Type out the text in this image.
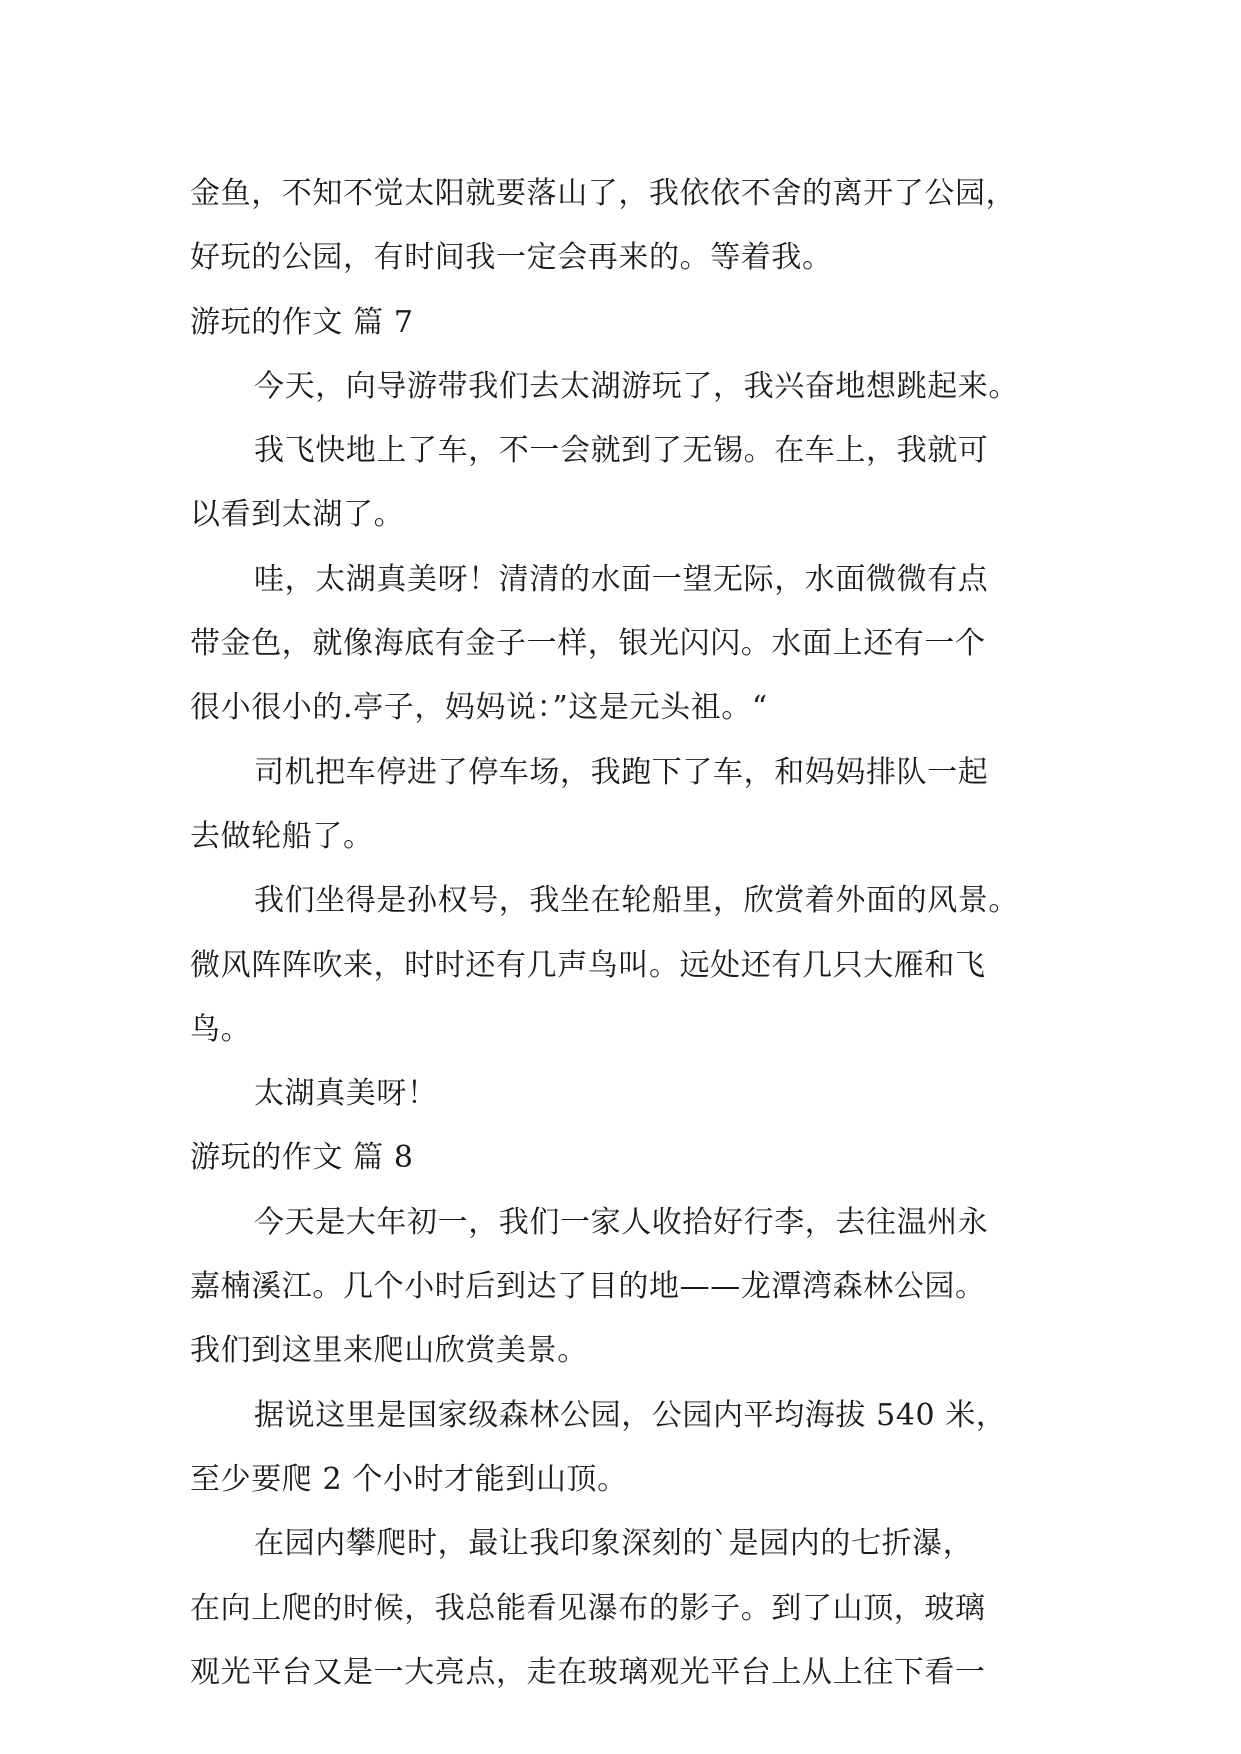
金鱼，不知不觉太阳就要落山了，我依依不舍的离开了公园，
好玩的公园，有时间我一定会再来的。等着我。
游玩的作文 篇 7
今天，向导游带我们去太湖游玩了，我兴奋地想跳起来。
我飞快地上了车，不一会就到了无锡。在车上，我就可
以看到太湖了。
哇，太湖真美呀！清清的水面一望无际，水面微微有点
带金色，就像海底有金子一样，银光闪闪。水面上还有一个
很小很小的.亭子，妈妈说：”这是元头祖。“
司机把车停进了停车场，我跑下了车，和妈妈排队一起
去做轮船了。
我们坐得是孙权号，我坐在轮船里，欣赏着外面的风景。
微风阵阵吹来，时时还有几声鸟叫。远处还有几只大雁和飞
鸟。
太湖真美呀！
游玩的作文 篇 8
今天是大年初一，我们一家人收拾好行李，去往温州永
嘉楠溪江。几个小时后到达了目的地——龙潭湾森林公园。
我们到这里来爬山欣赏美景。
据说这里是国家级森林公园，公园内平均海拔 540 米，
至少要爬 2 个小时才能到山顶。
在园内攀爬时，最让我印象深刻的`是园内的七折瀑，
在向上爬的时候，我总能看见瀑布的影子。到了山顶，玻璃
观光平台又是一大亮点，走在玻璃观光平台上从上往下看一
